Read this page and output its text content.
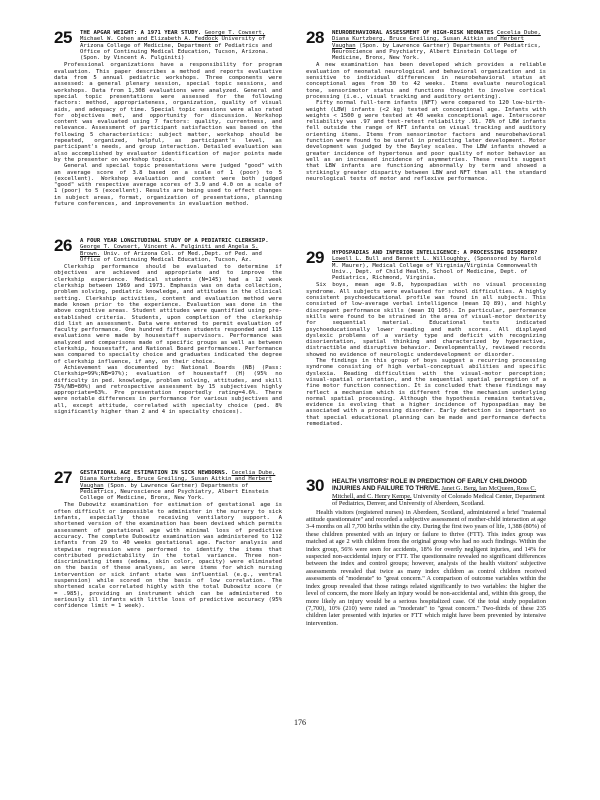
25	THE APGAR WEIGHT: A 1971 YEAR STUDY. George T. Cowsert, Michael W. Cohen and Elizabeth A. Feddock University of Arizona College of Medicine, Department of Pediatrics and Office of Continuing Medical Education, Tucson, Arizona. (Spon. by Vincent A. Fulginiti)

Professional organizations have a responsibility for program evaluation. This paper describes a method and reports evaluative data from 5 annual pediatric workshops. Three components were assessed: a general plenary session, special topic sessions, and workshops. Data from 1,308 evaluations were analyzed. General and special topic presentations were assessed for the following factors: method, appropriateness, organization, quality of visual aids, and adequacy of time. Special topic sessions were also rated for objectives met, and opportunity for discussion. Workshop content was evaluated using 7 factors: quality, currentness, and relevance. Assessment of participant satisfaction was based on the following 5 characteristics: subject matter, workshop should be repeated, organized, helpful, as participant's level, as participant's needs, and group interaction. Detailed evaluation was also accomplished by evaluator identification of major points made by the presenter on workshop topics.

General and special topic presentations were judged "good" with an average score of 3.8 based on a scale of 1 (poor) to 5 (excellent). Workshop evaluation and content were both judged "good" with respective average scores of 3.9 and 4.0 on a scale of 1 (poor) to 5 (excellent). Results are being used to effect changes in subject areas, format, organization of presentations, planning future conferences, and improvements in evaluation method.

28	NEUROBEHAVIORAL ASSESSMENT OF HIGH-RISK NEONATES Cecelia Dube, Diana Kurtzberg, Bruce Greiling, Susan Aitkin and Herbert Vaughan (Spon. by Lawrence Gartner) Departments of Pediatrics, Neuroscience and Psychiatry, Albert Einstein College of Medicine, Bronx, New York.

A new examination has been developed which provides a reliable evaluation of neonatal neurological and behavioral organization and is sensitive to individual differences in neurobehavioral status at conceptional ages from 30 to 42 weeks. Items evaluate neurological tone, sensorimotor status and functions thought to involve cortical processing (i.e., visual tracking and auditory orienting).

Fifty normal full-term infants (NFT) were compared to 120 low-birth-weight (LBW) infants (<2 kg) tested at conceptional age. Infants with weights < 1500 g were tested at 40 weeks conceptional age. Interscorer reliability was .97 and test-retest reliability .91. 78% of LBW infants fell outside the range of NFT infants on visual tracking and auditory orienting items. Items from sensorimotor factors and neurobehavioral function were found to be useful in predicting later development. Motor development was judged by the Bayley scales. The LBW infants showed a greater incidence of hypertonus and poor quality of motor behavior as well as an increased incidence of asymmetries. These results suggest that LBW infants are functioning abnormally by term and showed a strikingly greater disparity between LBW and NFT than all the standard neurological tests of motor and reflexive performance.

26	A FOUR YEAR LONGITUDINAL STUDY OF A PEDIATRIC CLERKSHIP. George T. Cowsert, Vincent A. Fulginiti and Angela S. Brown. Univ. of Arizona Col. of Med.,Dept. of Ped. and Office of Continuing Medical Education, Tucson, Az.

Clerkship performance should be evaluated to determine if objectives are achieved and appropriate and to improve the clerkship experience. Medical students (N=145) had a 12 week clerkship between 1969 and 1973. Emphasis was on data collection, problem solving, pediatric knowledge, and attitudes in the clinical setting. Clerkship activities, content and evaluation method were made known prior to the experience. Evaluation was done in the above cognitive areas. Student attitudes were quantified using pre-established criteria. Students, upon completion of the clerkship did list an assessment. Data were entered to permit evaluation of faculty performance. One hundred fifteen students responded and 115 evaluations were made by housestaff supervisors. Performance was analyzed and comparisons made of specific groups as well as between clerkship, housestaff, and National Board performances. Performance was compared to specialty choice and graduates indicated the degree of clerkship influence, if any, on their choice.

Achievement was documented by: National Boards (NB) (Pass: Clerkship=99%;NB=97%); evaluation of housestaff (H) (95% no difficulty in ped. knowledge, problem solving, attitudes, and skill 75%/NB=80%) and retrospective assessment by 15 subjectives highly appropriate=63%. Pre presentation reportedly rating=4.6%. There were notable differences in performance for various subjectives and all, except attitude, correlated with specialty choice (ped. 8% significantly higher than 2 and 4 in specialty choices).

29	HYPOSPADIAS AND INFERIOR INTELLIGENCE: A PROCESSING DISORDER? Lowell L. Bull and Bennett L. Willoughby. (Sponsored by Harold M. Maurer), Medical College of Virginia/Virginia Commonwealth Univ., Dept. of Child Health, School of Medicine, Dept. of Pediatrics, Richmond, Virginia.

Six boys, mean age 9.8, hypospadias with no visual processing syndrome. All subjects were evaluated for school difficulties. A highly consistent psychoeducational profile was found in all subjects. This consisted of low-average verbal intelligence (mean IQ 89), and highly discrepant performance skills (mean IQ 105). In particular, performance skills were found to be strained in the area of visual-motor dexterity for sequential material. Educational tests indicated psychoeducationally lower reading and math scores. All displayed dyslexic problems of a variety type and deficit with recognizing disorientation, spatial thinking and characterized by hyperactive, distractible and disruptive behavior. Developmentally, reviewed records showed no evidence of neurologic underdevelopment or disorder.

The findings in this group of boys suggest a recurring processing syndrome consisting of high verbal-conceptual abilities and specific dyslexia. Reading difficulties with the visual-motor perception; visual-spatial orientation, and the sequential spatial perception of a fine motor function connection. It is concluded that these findings may reflect a mechanism which is different from the mechanism underlying normal spatial processing. Although the hypothesis remains tentative, evidence is evolving that a higher incidence of hypospadias may be associated with a processing disorder. Early detection is important so that special educational planning can be made and performance defects remediated.

27	GESTATIONAL AGE ESTIMATION IN SICK NEWBORNS. Cecelia Dube, Diana Kurtzberg, Bruce Greiling, Susan Aitkin and Herbert Vaughan (Spon. by Lawrence Gartner) Departments of Pediatrics, Neuroscience and Psychiatry, Albert Einstein College of Medicine, Bronx, New York.

The Dubowitz examination for estimation of gestational age is often difficult or impossible to administer in the nursery to sick infants, especially those receiving ventilatory support. A shortened version of the examination has been devised which permits assessment of gestational age with minimal loss of predictive accuracy. The complete Dubowitz examination was administered to 112 infants from 29 to 40 weeks gestational age. Factor analysis and stepwise regression were performed to identify the items that contributed predictability in the total variance. Three non-discriminating items (edema, skin color, opacity) were eliminated on the basis of these analyses, as were items for which nursing intervention or sick infant state was influential (e.g., ventral suspension) while scored on the basis of low correlation. The shortened scale correlated highly with the total Dubowitz score (r = .985), providing an instrument which can be administered to seriously ill infants with little loss of predictive accuracy (95% confidence limit = 1 week).

30	HEALTH VISITORS' ROLE IN PREDICTION OF EARLY CHILDHOOD INJURIES AND FAILURE TO THRIVE. Janet G. Berg, Ian McQueen, Ross C. Mitchell, and C. Henry Kempe. University of Colorado Medical Center, Department of Pediatrics, Denver, and University of Aberdeen, Scotland.

Health visitors (registered nurses) in Aberdeen, Scotland, administered a brief "maternal attitude questionnaire" and recorded a subjective assessment of mother-child interaction at age 3-4 months on all 7,700 births within the city. During the first two years of life, 1,388 (80%) of these children presented with an injury or failure to thrive (FTT). This index group was matched at age 2 with children from the original group who had no such findings. Within the index group, 56% were seen for accidents, 18% for overtly negligent injuries, and 14% for suspected non-accidental injury or FTT. The questionnaire revealed no significant differences between the index and control groups; however, analysis of the health visitors' subjective assessments revealed that twice as many index children as control children received assessments of "moderate" to "great concern." A comparison of outcome variables within the index group revealed that those ratings related significantly to two variables: the higher the level of concern, the more likely an injury would be non-accidental and, within this group, the more likely an injury would be a serious hospitalized case. Of the total study population (7,700), 10% (210) were rated as "moderate" to "great concern." Two-thirds of these 235 children later presented with injuries or FTT which might have been prevented by intensive intervention.

176
